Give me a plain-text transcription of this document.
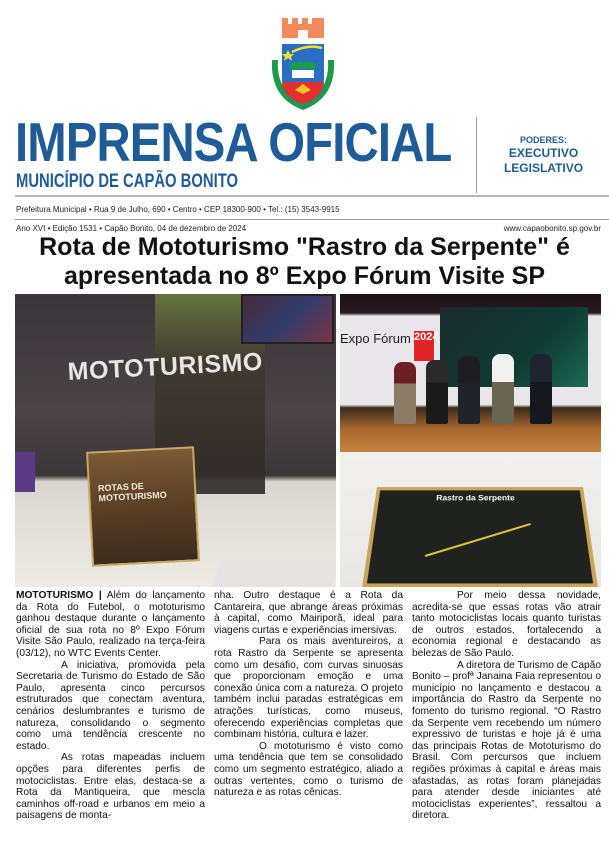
IMPRENSA OFICIAL
MUNICÍPIO DE CAPÃO BONITO
PODERES:
EXECUTIVO
LEGISLATIVO
Prefeitura Municipal • Rua 9 de Julho, 690 • Centro • CEP 18300-900 • Tel.: (15) 3543-9915
Ano XVI • Edição 1531 • Capão Bonito, 04 de dezembro de 2024	www.capaobonito.sp.gov.br
Rota de Mototurismo "Rastro da Serpente" é apresentada no 8º Expo Fórum Visite SP
MOTOTURISMO
ROTAS DE MOTOTURISMO
Expo Fórum 2024
Rastro da Serpente

MOTOTURISMO | Além do lançamento da Rota do Futebol, o mototurismo ganhou destaque durante o lançamento oficial de sua rota no 8º Expo Fórum Visite São Paulo, realizado na terça-feira (03/12), no WTC Events Center.

A iniciativa, promovida pela Secretaria de Turismo do Estado de São Paulo, apresenta cinco percursos estruturados que conectam aventura, cenários deslumbrantes e turismo de natureza, consolidando o segmento como uma tendência crescente no estado.

As rotas mapeadas incluem opções para diferentes perfis de motociclistas. Entre elas, destaca-se a Rota da Mantiqueira, que mescla caminhos off-road e urbanos em meio a paisagens de monta-

nha. Outro destaque é a Rota da Cantareira, que abrange áreas próximas à capital, como Mairiporã, ideal para viagens curtas e experiências imersivas.

Para os mais aventureiros, a rota Rastro da Serpente se apresenta como um desafio, com curvas sinuosas que proporcionam emoção e uma conexão única com a natureza. O projeto também inclui paradas estratégicas em atrações turísticas, como museus, oferecendo experiências completas que combinam história, cultura e lazer.

O mototurismo é visto como uma tendência que tem se consolidado como um segmento estratégico, aliado a outras vertentes, como o turismo de natureza e as rotas cênicas.

Por meio dessa novidade, acredita-se que essas rotas vão atrair tanto motociclistas locais quanto turistas de outros estados, fortalecendo a economia regional e destacando as belezas de São Paulo.

A diretora de Turismo de Capão Bonito – profª Janaina Faia representou o município no lançamento e destacou a importância do Rastro da Serpente no fomento do turismo regional. “O Rastro da Serpente vem recebendo um número expressivo de turistas e hoje já é uma das principais Rotas de Mototurismo do Brasil. Com percursos que incluem regiões próximas à capital e áreas mais afastadas, as rotas foram planejadas para atender desde iniciantes até motociclistas experientes”, ressaltou a diretora.
